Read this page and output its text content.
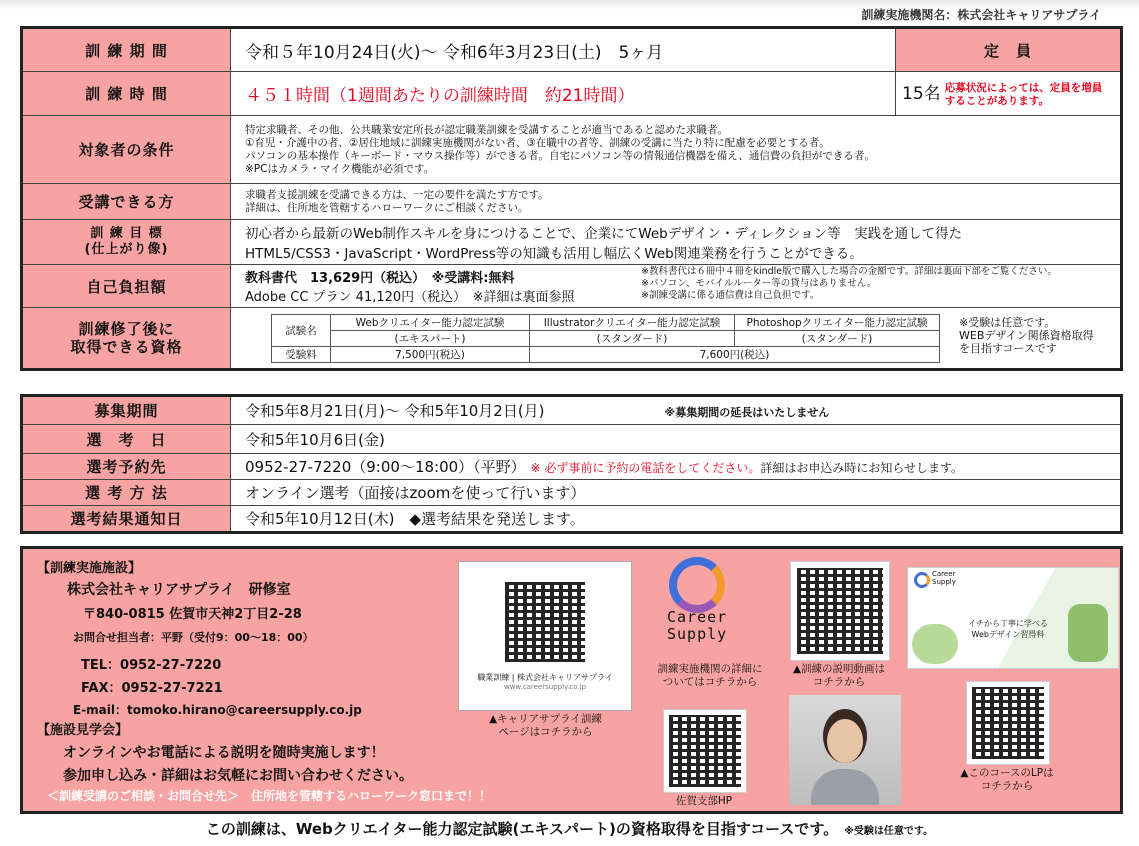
訓練実施機関名：株式会社キャリアサプライ
訓 練 期 間	令和５年10月24日(火)～ 令和6年3月23日(土)　5ヶ月	定　員
訓 練 時 間	４５１時間（1週間あたりの訓練時間　約21時間）	15名 応募状況によっては、定員を増員することがあります。
対象者の条件	
特定求職者、その他、公共職業安定所長が認定職業訓練を受講することが適当であると認めた求職者。
①育児・介護中の者、②居住地域に訓練実施機関がない者、③在職中の者等、訓練の受講に当たり特に配慮を必要とする者。
パソコンの基本操作（キーボード・マウス操作等）ができる者。自宅にパソコン等の情報通信機器を備え、通信費の負担ができる者。
※PCはカメラ・マイク機能が必須です。

受講できる方	求職者支援訓練を受講できる方は、一定の要件を満たす方です。
詳細は、住所地を管轄するハローワークにご相談ください。

訓 練 目 標
(仕上がり像)	
初心者から最新のWeb制作スキルを身につけることで、企業にてWebデザイン・ディレクション等　実践を通して得た
HTML5/CSS3・JavaScript・WordPress等の知識も活用し幅広くWeb関連業務を行うことができる。

自己負担額	教科書代　13,629円（税込）　※受講料:無料
Adobe CC プラン 41,120円（税込）　※詳細は裏面参照
※教科書代は６冊中４冊をkindle版で購入した場合の金額です。詳細は裏面下部をご覧ください。
※パソコン、モバイルルーター等の貸与はありません。
※訓練受講に係る通信費は自己負担です。

訓練修了後に
取得できる資格	
試験名	Webクリエイター能力認定試験	Illustratorクリエイター能力認定試験	Photoshopクリエイター能力認定試験
(エキスパート)	(スタンダード)	(スタンダード)
受験料	7,500円(税込)	7,600円(税込)
※受験は任意です。
WEBデザイン関係資格取得
を目指すコースです
募集期間	令和5年8月21日(月)～ 令和5年10月2日(月) ※募集期間の延長はいたしません
選　考　日	令和5年10月6日(金)
選考予約先	0952-27-7220（9:00～18:00）（平野） ※ 必ず事前に予約の電話をしてください。詳細はお申込み時にお知らせします。
選 考 方 法	オンライン選考（面接はzoomを使って行います）
選考結果通知日	令和5年10月12日(木)　◆選考結果を発送します。
【訓練実施施設】
株式会社キャリアサプライ　研修室
〒840-0815 佐賀市天神2丁目2-28
お問合せ担当者：平野（受付9：00～18：00）
TEL：0952-27-7220
FAX：0952-27-7221
E-mail：tomoko.hirano@careersupply.co.jp
【施設見学会】
オンラインやお電話による説明を随時実施します！
参加申し込み・詳細はお気軽にお問い合わせください。
＜訓練受講のご相談・お問合せ先＞　住所地を管轄するハローワーク窓口まで！！
職業訓練 | 株式会社キャリアサプライ
www.careersupply.co.jp
▲キャリアサプライ訓練
ページはコチラから
Career
Supply
訓練実施機関の詳細に
ついてはコチラから
▲訓練の説明動画は
コチラから
Career
Supply
イチから丁寧に学べる
Webデザイン習得科
佐賀支部HP
▲このコースのLPは
コチラから
この訓練は、Webクリエイター能力認定試験(エキスパート)の資格取得を目指すコースです。 ※受験は任意です。
